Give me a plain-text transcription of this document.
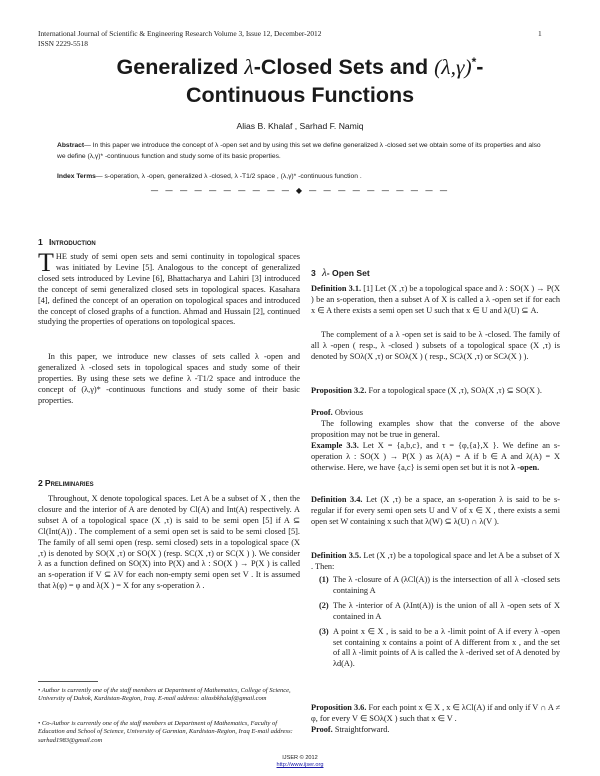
International Journal of Scientific & Engineering Research Volume 3, Issue 12, December-2012
ISSN 2229-5518
1
Generalized λ-Closed Sets and (λ,γ)*-
Continuous Functions
Alias B. Khalaf , Sarhad F. Namiq
Abstract— In this paper we introduce the concept of λ -open set and by using this set we define generalized λ -closed set we obtain some of its properties and also we define (λ,γ)* -continuous function and study some of its basic properties.
Index Terms— s-operation, λ -open, generalized λ -closed, λ -T1/2 space , (λ,γ)* -continuous function .
— — — — — — — — — — ◆ — — — — — — — — — —
1 Introduction
THE study of semi open sets and semi continuity in topological spaces was initiated by Levine [5]. Analogous to the concept of generalized closed sets introduced by Levine [6], Bhattacharya and Lahiri [3] introduced the concept of semi generalized closed sets in topological spaces. Kasahara [4], defined the concept of an operation on topological spaces and introduced the concept of closed graphs of a function. Ahmad and Hussain [2], continued studying the properties of operations on topological spaces.
In this paper, we introduce new classes of sets called λ -open and generalized λ -closed sets in topological spaces and study some of their properties. By using these sets we define λ -T1/2 space and introduce the concept of (λ,γ)* -continuous functions and study some of their basic properties.
2 Preliminaries
Throughout, X denote topological spaces. Let A be a subset of X , then the closure and the interior of A are denoted by Cl(A) and Int(A) respectively. A subset A of a topological space (X ,τ) is said to be semi open [5] if A ⊆ Cl(Int(A)) . The complement of a semi open set is said to be semi closed [5]. The family of all semi open (resp. semi closed) sets in a topological space (X ,τ) is denoted by SO(X ,τ) or SO(X ) (resp. SC(X ,τ) or SC(X ) ). We consider λ as a function defined on SO(X) into P(X) and λ : SO(X ) → P(X ) is called an s-operation if V ⊆ λV for each non-empty semi open set V . It is assumed that λ(φ) = φ and λ(X ) = X for any s-operation λ .
• Author is currently one of the staff members at Department of Mathematics, College of Science, University of Duhok, Kurdistan-Region, Iraq. E-mail address: aliasbkhalaf@gmail.com
• Co-Author is currently one of the staff members at Department of Mathematics, Faculty of Education and School of Science, University of Garmian, Kurdistan-Region, Iraq E-mail address: sarhad1983@gmail.com
3 λ- Open Set
Definition 3.1. [1] Let (X ,τ) be a topological space and λ : SO(X ) → P(X ) be an s-operation, then a subset A of X is called a λ -open set if for each x ∈ A there exists a semi open set U such that x ∈ U and λ(U) ⊆ A.
The complement of a λ -open set is said to be λ -closed. The family of all λ -open ( resp., λ -closed ) subsets of a topological space (X ,τ) is denoted by SOλ(X ,τ) or SOλ(X ) ( resp., SCλ(X ,τ) or SCλ(X ) ).
Proposition 3.2. For a topological space (X ,τ), SOλ(X ,τ) ⊆ SO(X ).
Proof. Obvious
The following examples show that the converse of the above proposition may not be true in general.
Example 3.3. Let X = {a,b,c}, and τ = {φ,{a},X }. We define an s-operation λ : SO(X ) → P(X ) as λ(A) = A if b ∈ A and λ(A) = X otherwise. Here, we have {a,c} is semi open set but it is not λ -open.
Definition 3.4. Let (X ,τ) be a space, an s-operation λ is said to be s-regular if for every semi open sets U and V of x ∈ X , there exists a semi open set W containing x such that λ(W) ⊆ λ(U) ∩ λ(V ).
Definition 3.5. Let (X ,τ) be a topological space and let A be a subset of X . Then:
(1) The λ -closure of A (λCl(A)) is the intersection of all λ -closed sets containing A
(2) The λ -interior of A (λInt(A)) is the union of all λ -open sets of X contained in A
(3) A point x ∈ X , is said to be a λ -limit point of A if every λ -open set containing x contains a point of A different from x , and the set of all λ -limit points of A is called the λ -derived set of A denoted by λd(A).
Proposition 3.6. For each point x ∈ X , x ∈ λCl(A) if and only if V ∩ A ≠ φ, for every V ∈ SOλ(X ) such that x ∈ V .
Proof. Straightforward.
IJSER © 2012
http://www.ijser.org
